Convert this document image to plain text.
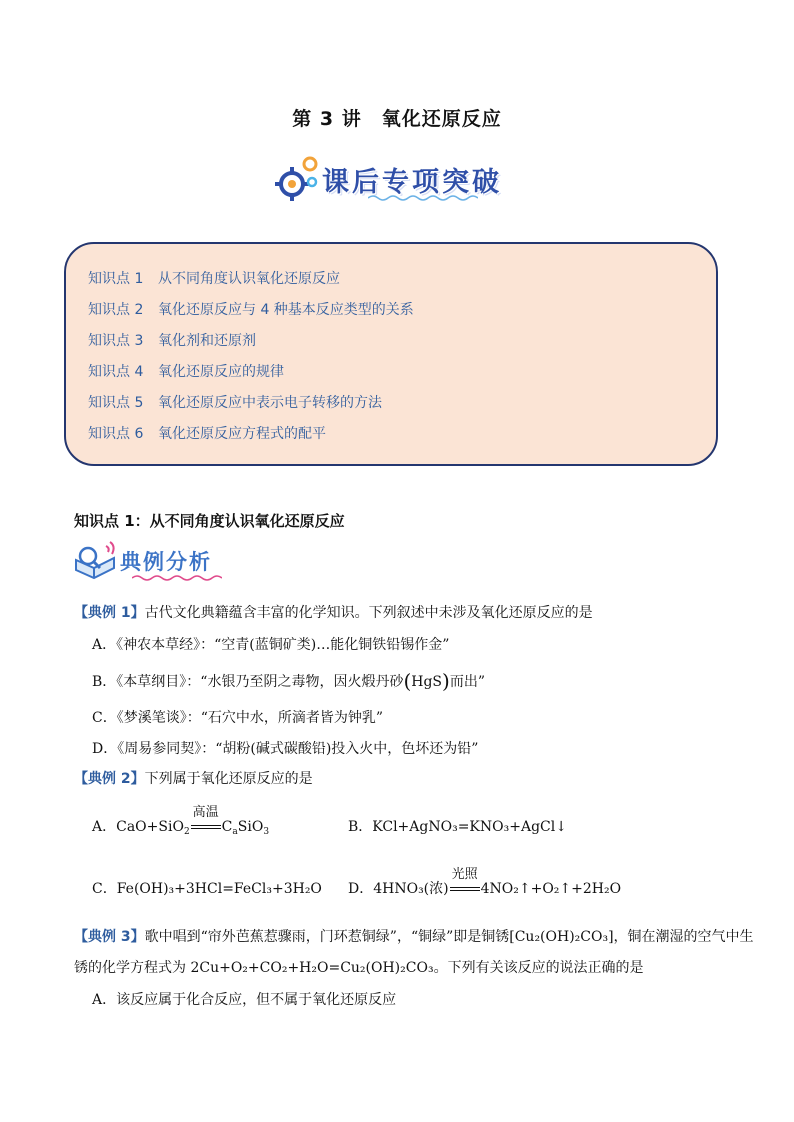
第 3 讲　氧化还原反应
课后专项突破
知识点 1 从不同角度认识氧化还原反应
知识点 2 氧化还原反应与 4 种基本反应类型的关系
知识点 3 氧化剂和还原剂
知识点 4 氧化还原反应的规律
知识点 5 氧化还原反应中表示电子转移的方法
知识点 6 氧化还原反应方程式的配平
知识点 1：从不同角度认识氧化还原反应
典例分析
【典例 1】古代文化典籍蕴含丰富的化学知识。下列叙述中未涉及氧化还原反应的是
A．《神农本草经》：“空青(蓝铜矿类)…能化铜铁铅锡作金”
B．《本草纲目》：“水银乃至阴之毒物，因火煅丹砂(HgS)而出”
C．《梦溪笔谈》：“石穴中水，所滴者皆为钟乳”
D．《周易参同契》：“胡粉(碱式碳酸铅)投入火中，色坏还为铅”
【典例 2】下列属于氧化还原反应的是
A．CaO+SiO$_2$
高温
$C_aSiO_3$	B．KCl+AgNO₃=KNO₃+AgCl↓
C．Fe(OH)₃+3HCl=FeCl₃+3H₂O D．4HNO₃(浓)
光照
4NO₂↑+O₂↑+2H₂O
【典例 3】歌中唱到“帘外芭蕉惹骤雨，门环惹铜绿”，“铜绿”即是铜锈[Cu₂(OH)₂CO₃]，铜在潮湿的空气中生
锈的化学方程式为 2Cu+O₂+CO₂+H₂O=Cu₂(OH)₂CO₃。下列有关该反应的说法正确的是
A．该反应属于化合反应，但不属于氧化还原反应
